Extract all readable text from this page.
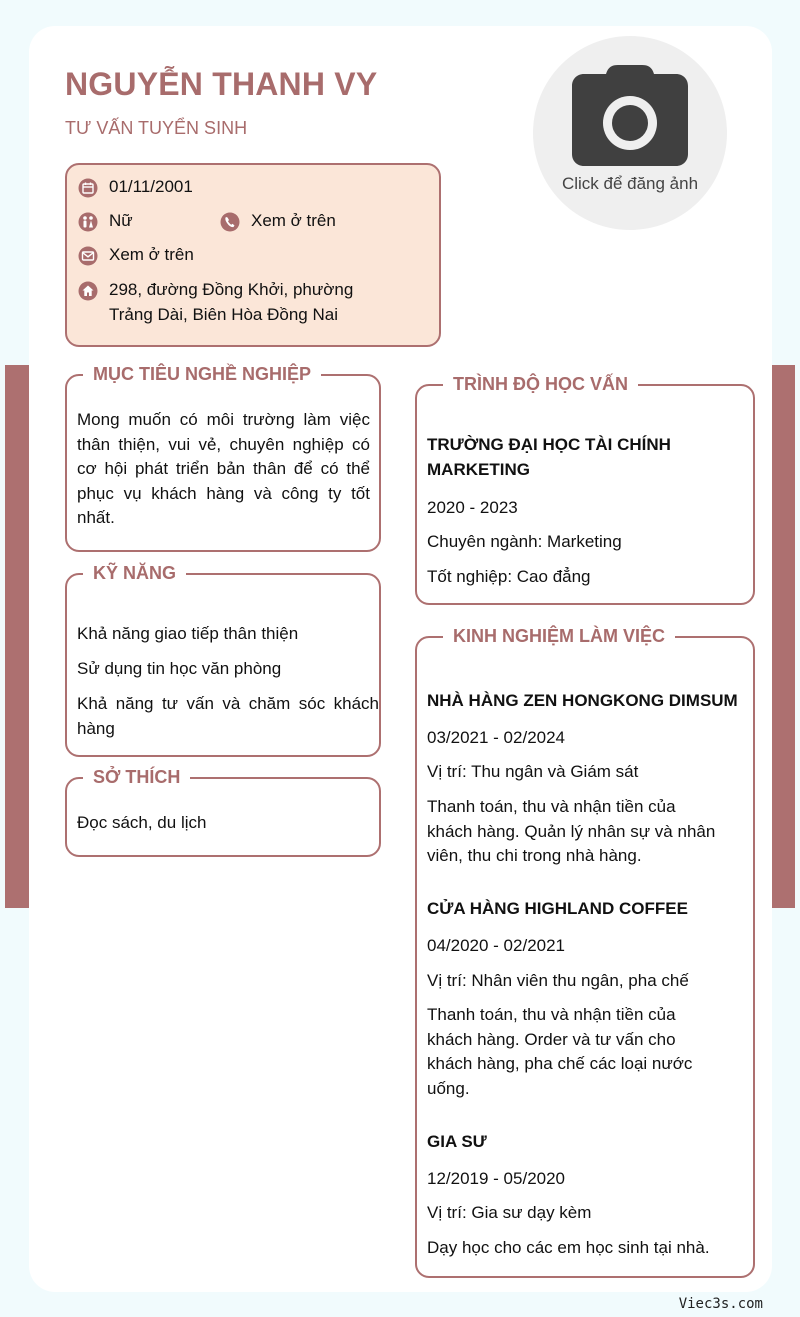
NGUYỄN THANH VY
TƯ VẤN TUYỂN SINH
01/11/2001
Nữ	Xem ở trên
Xem ở trên
298, đường Đồng Khởi, phường Trảng Dài, Biên Hòa Đồng Nai
Click để đăng ảnh
MỤC TIÊU NGHỀ NGHIỆP
Mong muốn có môi trường làm việc thân thiện, vui vẻ, chuyên nghiệp có cơ hội phát triển bản thân để có thể phục vụ khách hàng và công ty tốt nhất.
KỸ NĂNG
Khả năng giao tiếp thân thiện
Sử dụng tin học văn phòng
Khả năng tư vấn và chăm sóc khách hàng
SỞ THÍCH
Đọc sách, du lịch
TRÌNH ĐỘ HỌC VẤN
TRƯỜNG ĐẠI HỌC TÀI CHÍNH MARKETING
2020 - 2023
Chuyên ngành: Marketing
Tốt nghiệp: Cao đẳng
KINH NGHIỆM LÀM VIỆC
NHÀ HÀNG ZEN HONGKONG DIMSUM
03/2021 - 02/2024
Vị trí: Thu ngân và Giám sát
Thanh toán, thu và nhận tiền của khách hàng. Quản lý nhân sự và nhân viên, thu chi trong nhà hàng.
CỬA HÀNG HIGHLAND COFFEE
04/2020 - 02/2021
Vị trí: Nhân viên thu ngân, pha chế
Thanh toán, thu và nhận tiền của khách hàng. Order và tư vấn cho khách hàng, pha chế các loại nước uống.
GIA SƯ
12/2019 - 05/2020
Vị trí: Gia sư dạy kèm
Dạy học cho các em học sinh tại nhà.
Viec3s.com
